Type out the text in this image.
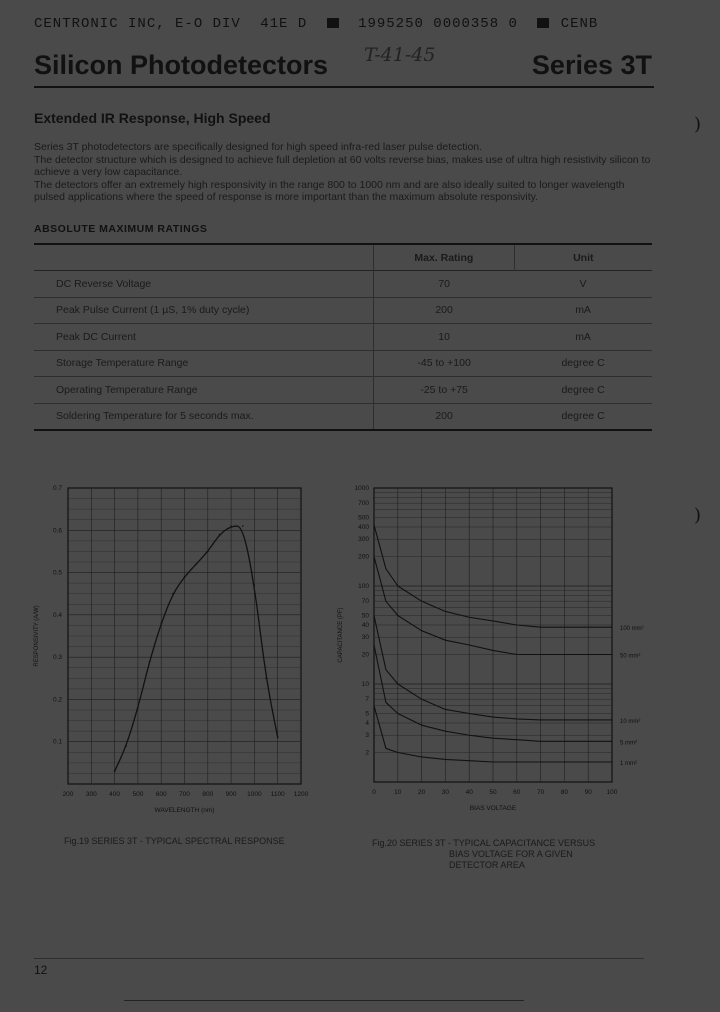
CENTRONIC INC, E-O DIV 41E D	1995250 0000358 0	CENB
Silicon Photodetectors T-41-45	Series 3T
Extended IR Response, High Speed

Series 3T photodetectors are specifically designed for high speed infra-red laser pulse detection.

The detector structure which is designed to achieve full depletion at 60 volts reverse bias, makes use of ultra high resistivity silicon to achieve a very low capacitance.

The detectors offer an extremely high responsivity in the range 800 to 1000 nm and are also ideally suited to longer wavelength pulsed applications where the speed of response is more important than the maximum absolute responsivity.

ABSOLUTE MAXIMUM RATINGS
	Max. Rating	Unit
DC Reverse Voltage	70	V
Peak Pulse Current (1 µS, 1% duty cycle)	200	mA
Peak DC Current	10	mA
Storage Temperature Range	-45 to +100	degree C
Operating Temperature Range	-25 to +75	degree C
Soldering Temperature for 5 seconds max.	200	degree C
200 300 400 500 600 700 800 900 1000 1100 1200
0.1
0.2
0.3
0.4
0.5
0.6
0.7
WAVELENGTH (nm)
RESPONSIVITY (A/W)
Fig.19 SERIES 3T - TYPICAL SPECTRAL RESPONSE
0	10	20	30	40	50	60	70	80	90 100
1000
700
500
400
300
200
100
70
50
40
30
20
10
7
5
4
3
2
BIAS VOLTAGE
CAPACITANCE (PF)	100 mm²
50 mm²
10 mm²
5 mm²
1 mm²
Fig.20 SERIES 3T - TYPICAL CAPACITANCE VERSUS
BIAS VOLTAGE FOR A GIVEN
DETECTOR AREA
)
)
12
